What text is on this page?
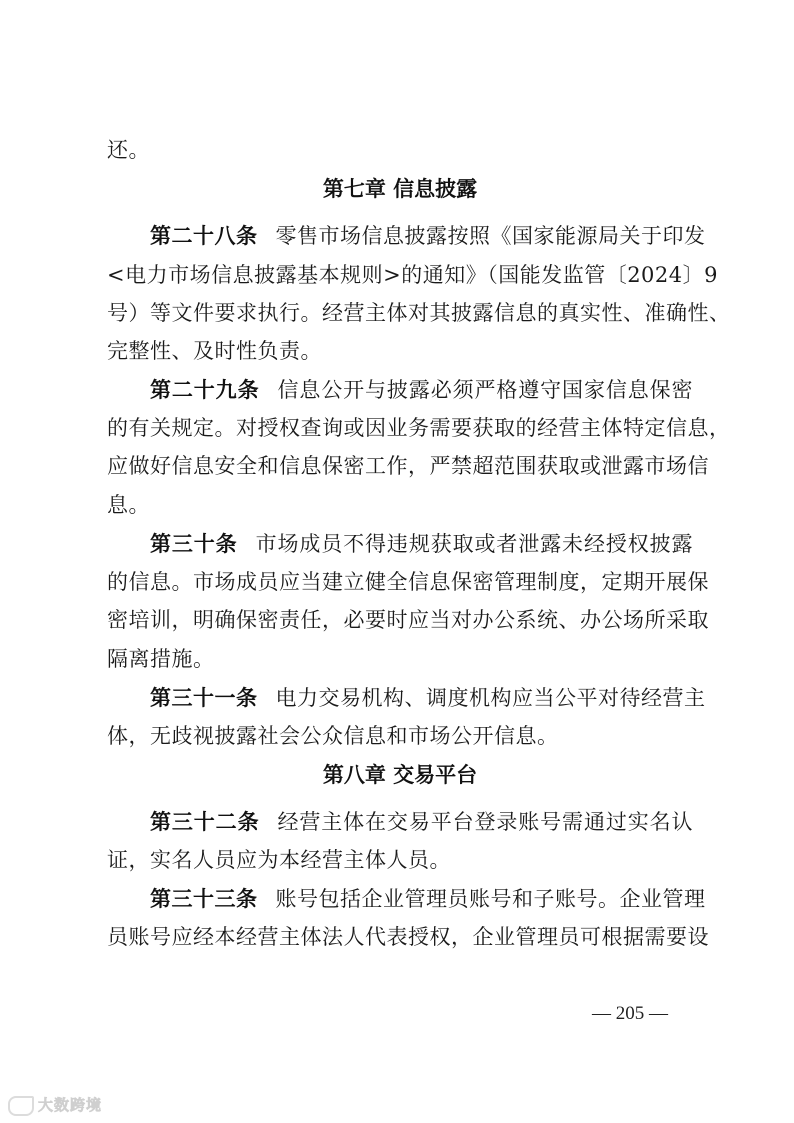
还。
第七章 信息披露
第二十八条 零售市场信息披露按照《国家能源局关于印发
<电力市场信息披露基本规则>的通知》（国能发监管〔2024〕9
号）等文件要求执行。经营主体对其披露信息的真实性、准确性、
完整性、及时性负责。
第二十九条 信息公开与披露必须严格遵守国家信息保密
的有关规定。对授权查询或因业务需要获取的经营主体特定信息，
应做好信息安全和信息保密工作，严禁超范围获取或泄露市场信
息。
第三十条 市场成员不得违规获取或者泄露未经授权披露
的信息。市场成员应当建立健全信息保密管理制度，定期开展保
密培训，明确保密责任，必要时应当对办公系统、办公场所采取
隔离措施。
第三十一条 电力交易机构、调度机构应当公平对待经营主
体，无歧视披露社会公众信息和市场公开信息。
第八章 交易平台
第三十二条 经营主体在交易平台登录账号需通过实名认
证，实名人员应为本经营主体人员。
第三十三条 账号包括企业管理员账号和子账号。企业管理
员账号应经本经营主体法人代表授权，企业管理员可根据需要设
— 205 —
大数跨境
